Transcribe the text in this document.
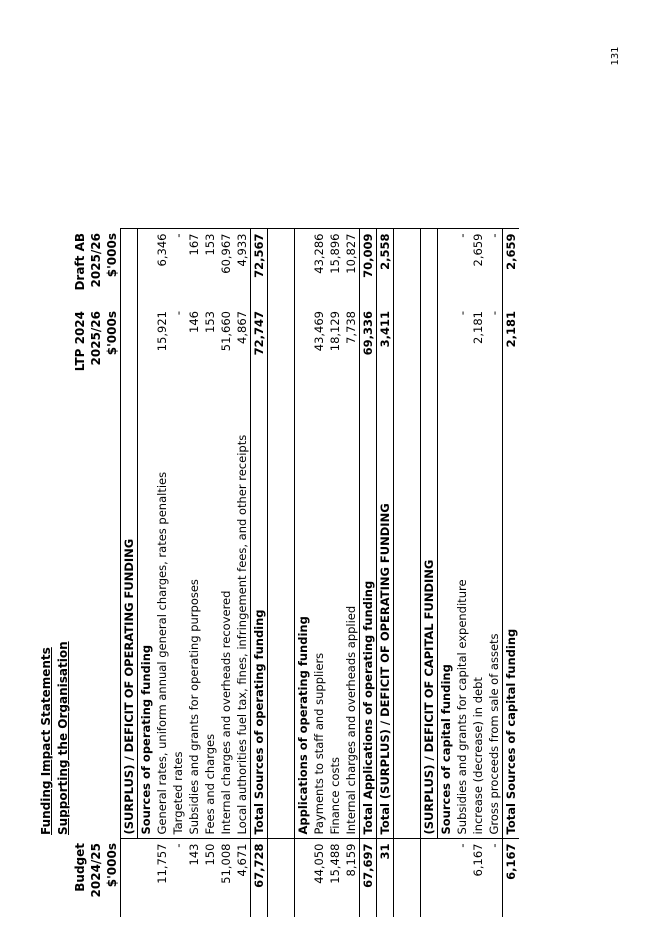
131
	Funding Impact Statements			
	Supporting the Organisation			
Budget		LTP 2024	Draft AB	
2024/25		2025/26	2025/26	
$'000s		$'000s	$'000s	
	(SURPLUS) / DEFICIT OF OPERATING FUNDING			
	Sources of operating funding			
11,757	General rates, uniform annual general charges, rates penalties	15,921	6,346	
-	Targeted rates	-	-	
143	Subsidies and grants for operating purposes	146	167	
150	Fees and charges	153	153	
51,008	Internal charges and overheads recovered	51,660	60,967	
4,671	Local authorities fuel tax, fines, infringement fees, and other receipts	4,867	4,933	
67,728	Total Sources of operating funding	72,747	72,567	

	Applications of operating funding			
44,050	Payments to staff and suppliers	43,469	43,286	
15,488	Finance costs	18,129	15,896	
8,159	Internal charges and overheads applied	7,738	10,827	
67,697	Total Applications of operating funding	69,336	70,009	
31	Total (SURPLUS) / DEFICIT OF OPERATING FUNDING	3,411	2,558	

	(SURPLUS) / DEFICIT OF CAPITAL FUNDING			
	Sources of capital funding			
-	Subsidies and grants for capital expenditure	-	-	
6,167	increase (decrease) in debt	2,181	2,659	
-	Gross proceeds from sale of assets	-	-	
6,167	Total Sources of capital funding	2,181	2,659	
